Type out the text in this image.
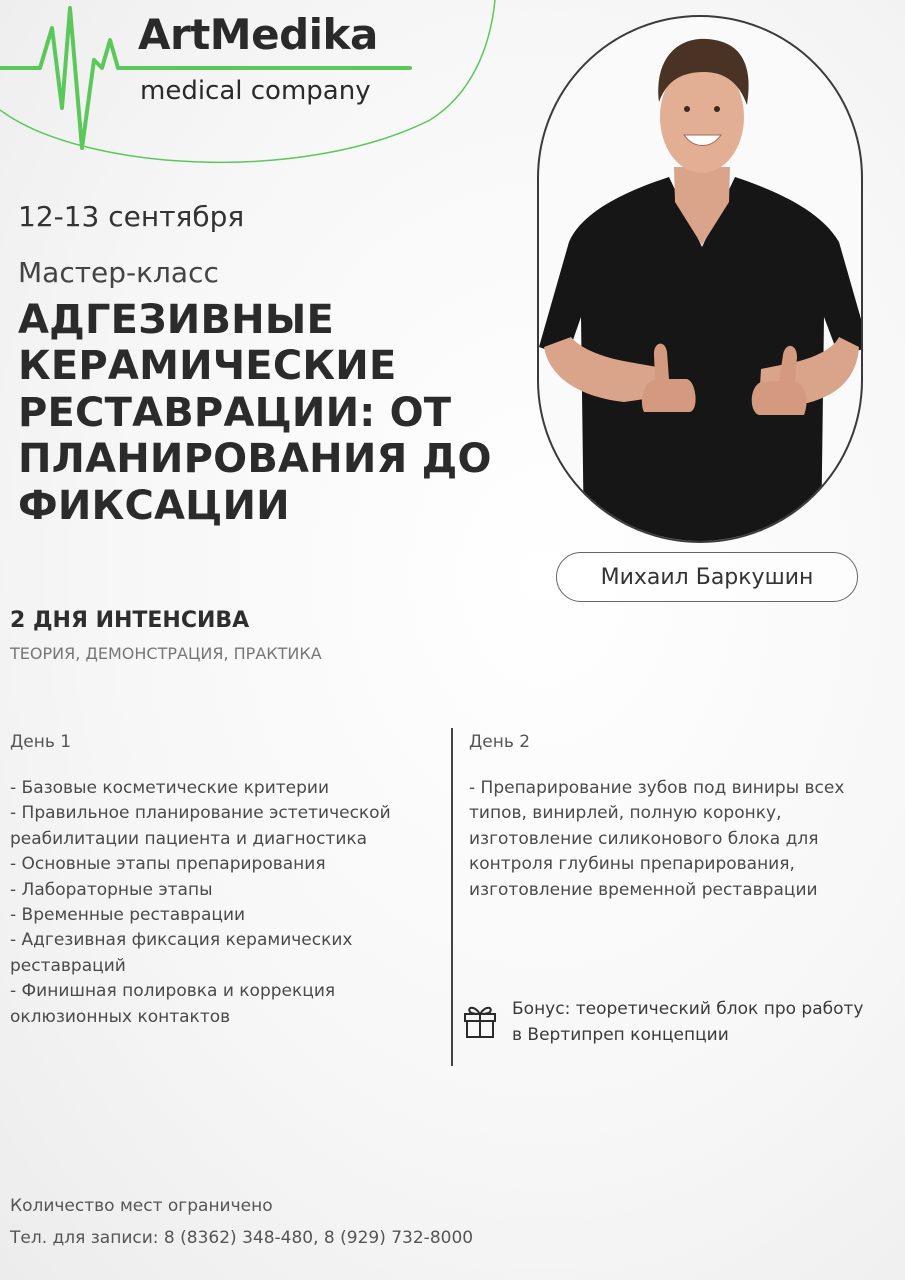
ArtMedika
medical company
12-13 сентября
Мастер-класс
АДГЕЗИВНЫЕ КЕРАМИЧЕСКИЕ РЕСТАВРАЦИИ: ОТ ПЛАНИРОВАНИЯ ДО ФИКСАЦИИ
Михаил Баркушин
2 ДНЯ ИНТЕНСИВА
ТЕОРИЯ, ДЕМОНСТРАЦИЯ, ПРАКТИКА
День 1	День 2
- Базовые косметические критерии
- Правильное планирование эстетической реабилитации пациента и диагностика
- Основные этапы препарирования
- Лабораторные этапы
- Временные реставрации
- Адгезивная фиксация керамических реставраций
- Финишная полировка и коррекция оклюзионных контактов
- Препарирование зубов под виниры всех типов, винирлей, полную коронку, изготовление силиконового блока для контроля глубины препарирования, изготовление временной реставрации
Бонус: теоретический блок про работу в Вертипреп концепции
Количество мест ограничено
Тел. для записи: 8 (8362) 348-480, 8 (929) 732-8000
